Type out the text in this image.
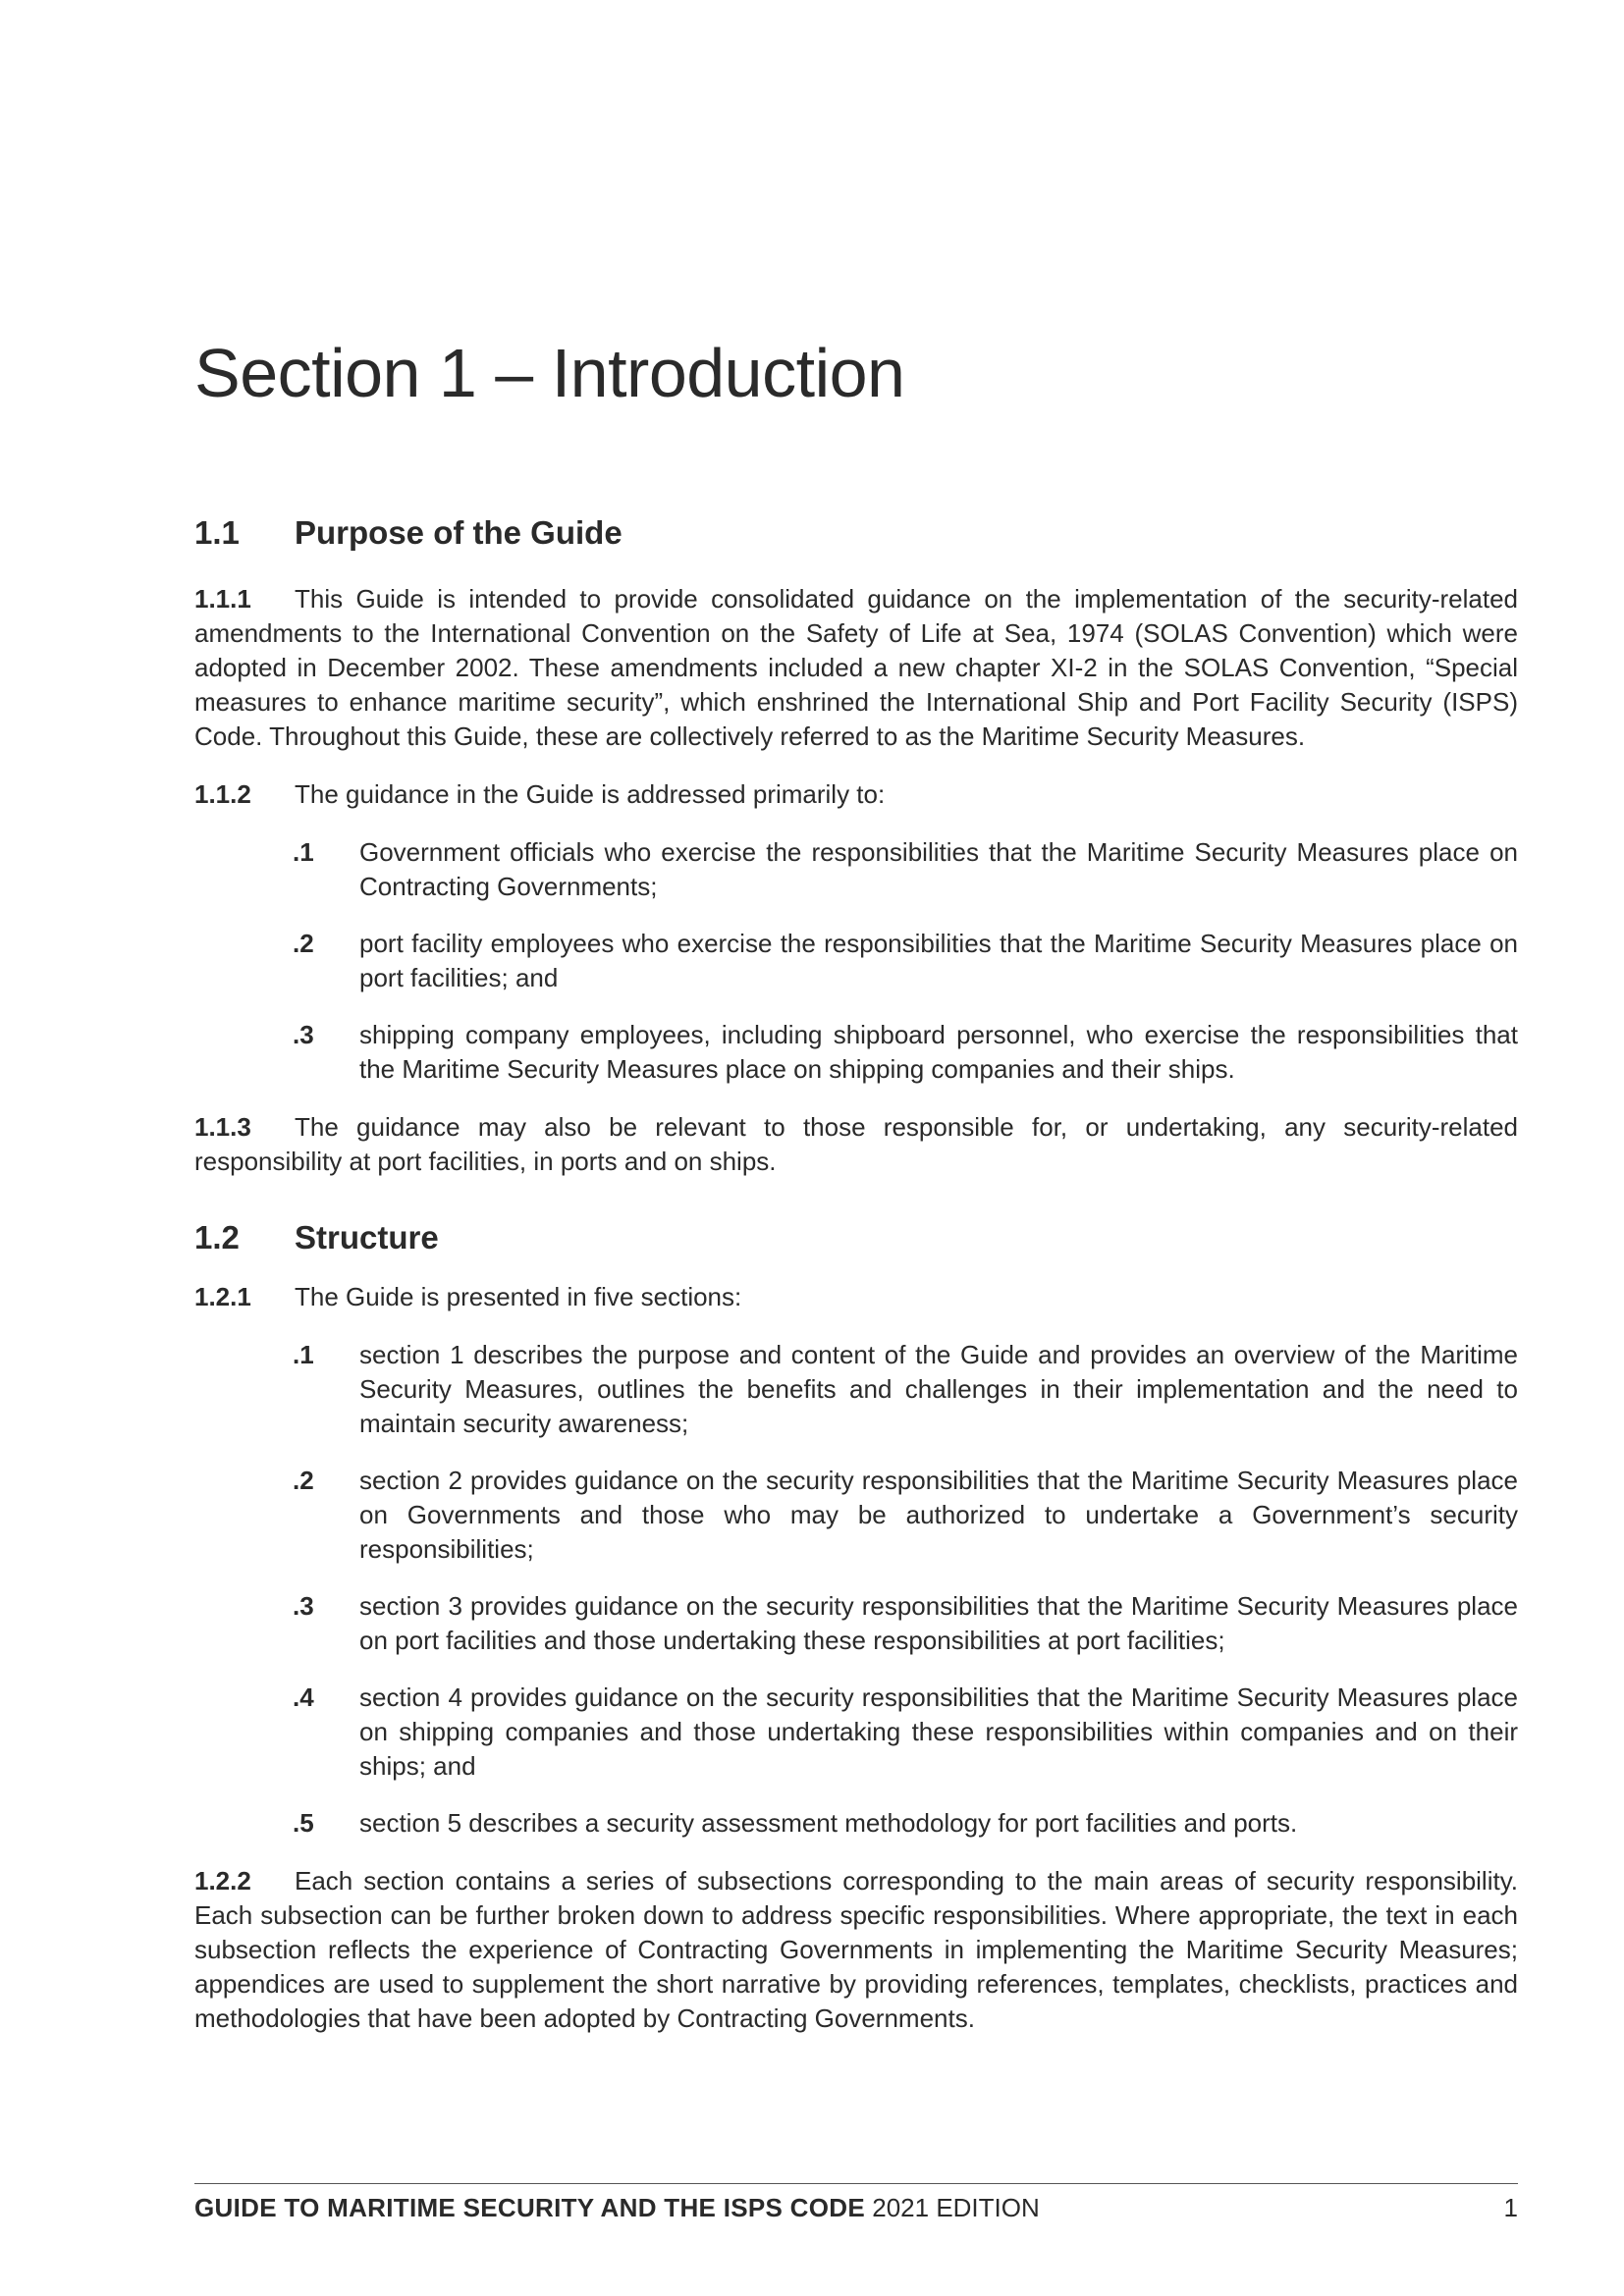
Section 1 – Introduction
1.1	Purpose of the Guide

1.1.1 This Guide is intended to provide consolidated guidance on the implementation of the security-related amendments to the International Convention on the Safety of Life at Sea, 1974 (SOLAS Convention) which were adopted in December 2002. These amendments included a new chapter XI-2 in the SOLAS Convention, “Special measures to enhance maritime security”, which enshrined the International Ship and Port Facility Security (ISPS) Code. Throughout this Guide, these are collectively referred to as the Maritime Security Measures.

1.1.2 The guidance in the Guide is addressed primarily to:

.1	Government officials who exercise the responsibilities that the Maritime Security Measures place on Contracting Governments;
.2	port facility employees who exercise the responsibilities that the Maritime Security Measures place on port facilities; and
.3	shipping company employees, including shipboard personnel, who exercise the responsibilities that the Maritime Security Measures place on shipping companies and their ships.

1.1.3 The guidance may also be relevant to those responsible for, or undertaking, any security-related responsibility at port facilities, in ports and on ships.

1.2	Structure

1.2.1 The Guide is presented in five sections:

.1	section 1 describes the purpose and content of the Guide and provides an overview of the Maritime Security Measures, outlines the benefits and challenges in their implementation and the need to maintain security awareness;
.2	section 2 provides guidance on the security responsibilities that the Maritime Security Measures place on Governments and those who may be authorized to undertake a Government’s security responsibilities;
.3	section 3 provides guidance on the security responsibilities that the Maritime Security Measures place on port facilities and those undertaking these responsibilities at port facilities;
.4	section 4 provides guidance on the security responsibilities that the Maritime Security Measures place on shipping companies and those undertaking these responsibilities within companies and on their ships; and
.5	section 5 describes a security assessment methodology for port facilities and ports.

1.2.2 Each section contains a series of subsections corresponding to the main areas of security responsibility. Each subsection can be further broken down to address specific responsibilities. Where appropriate, the text in each subsection reflects the experience of Contracting Governments in implementing the Maritime Security Measures; appendices are used to supplement the short narrative by providing references, templates, checklists, practices and methodologies that have been adopted by Contracting Governments.

GUIDE TO MARITIME SECURITY AND THE ISPS CODE 2021 EDITION	1
